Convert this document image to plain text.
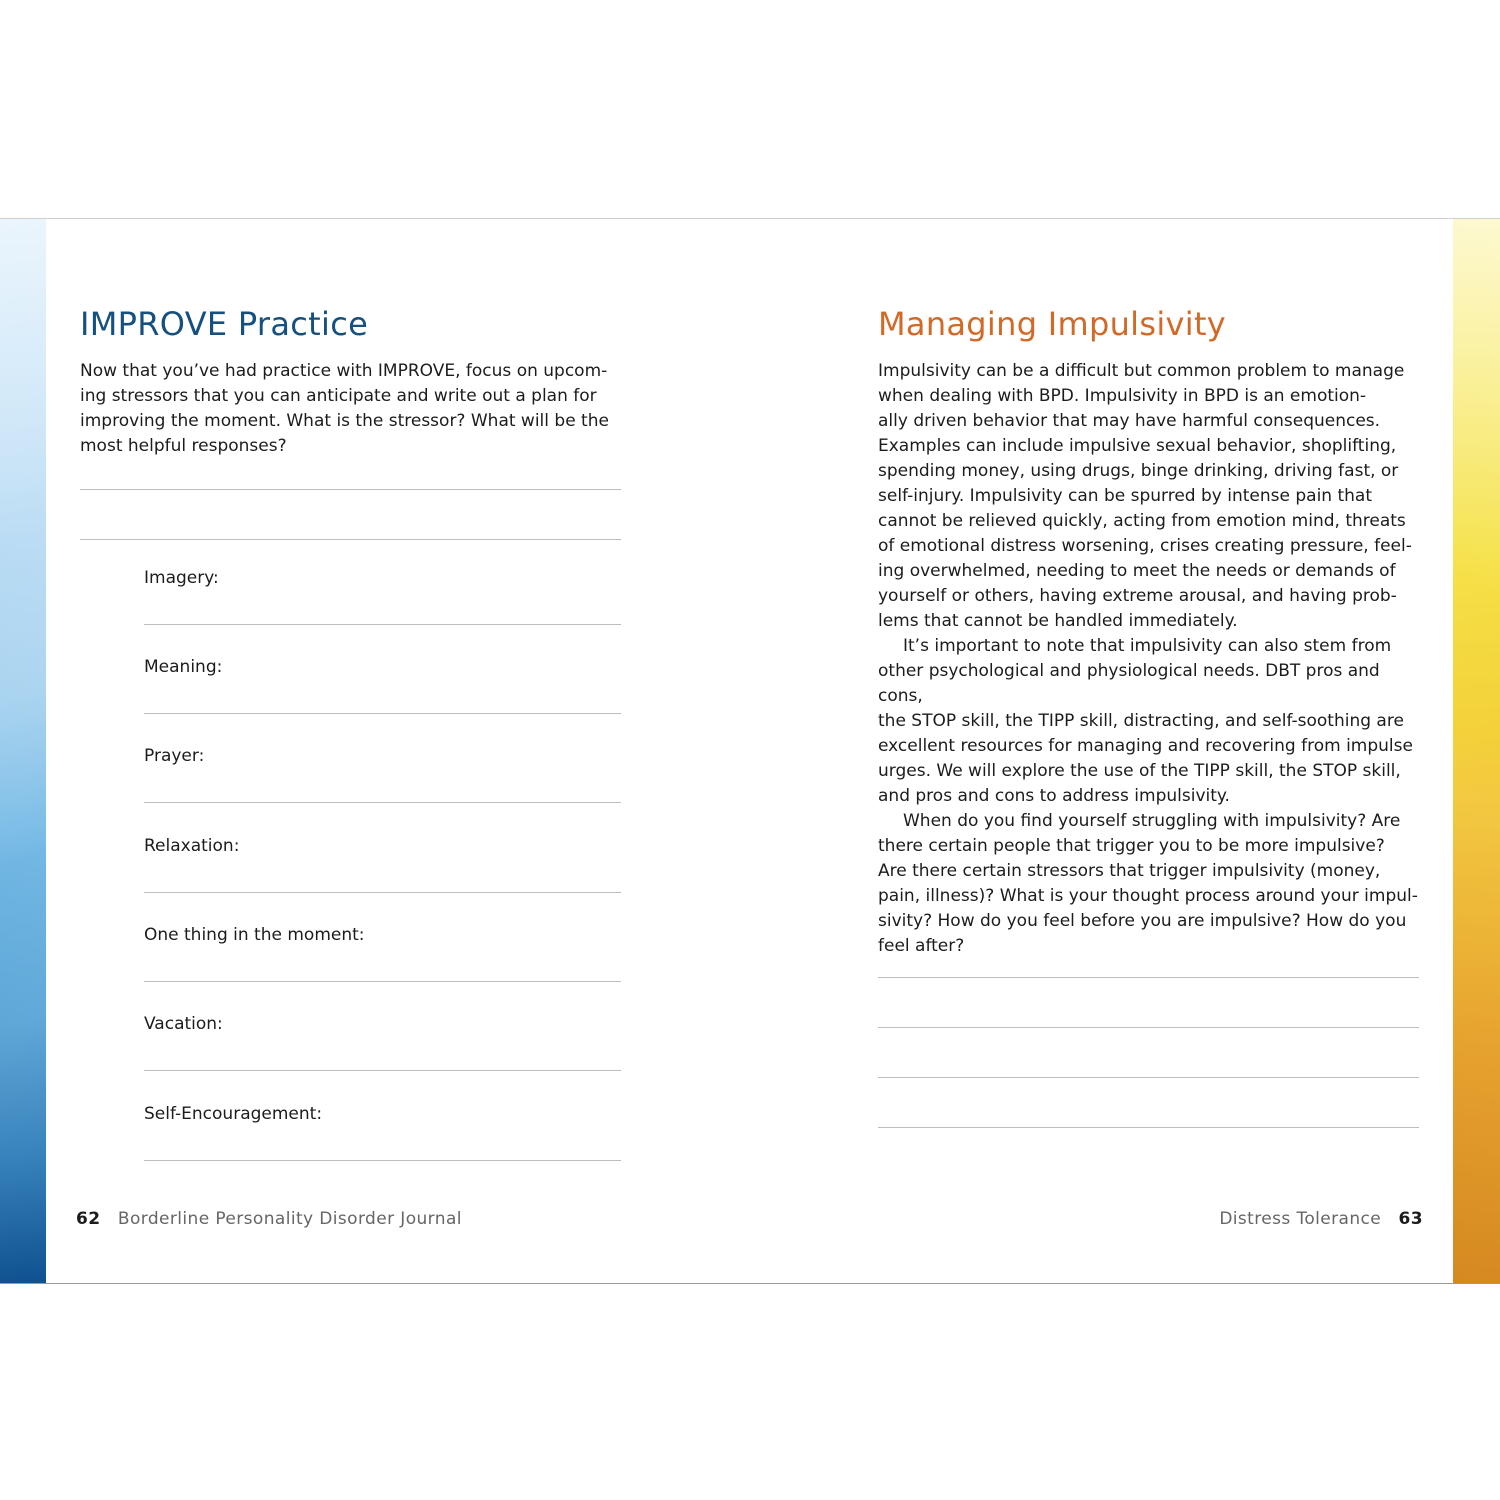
IMPROVE Practice

Now that you’ve had practice with IMPROVE, focus on upcom-
ing stressors that you can anticipate and write out a plan for
improving the moment. What is the stressor? What will be the
most helpful responses?

Imagery:
Meaning:
Prayer:
Relaxation:
One thing in the moment:
Vacation:
Self-Encouragement:
62 Borderline Personality Disorder Journal
Managing Impulsivity

Impulsivity can be a difficult but common problem to manage
when dealing with BPD. Impulsivity in BPD is an emotion-
ally driven behavior that may have harmful consequences.
Examples can include impulsive sexual behavior, shoplifting,
spending money, using drugs, binge drinking, driving fast, or
self-injury. Impulsivity can be spurred by intense pain that
cannot be relieved quickly, acting from emotion mind, threats
of emotional distress worsening, crises creating pressure, feel-
ing overwhelmed, needing to meet the needs or demands of
yourself or others, having extreme arousal, and having prob-
lems that cannot be handled immediately.

It’s important to note that impulsivity can also stem from
other psychological and physiological needs. DBT pros and cons,
the STOP skill, the TIPP skill, distracting, and self-soothing are
excellent resources for managing and recovering from impulse
urges. We will explore the use of the TIPP skill, the STOP skill,
and pros and cons to address impulsivity.

When do you find yourself struggling with impulsivity? Are
there certain people that trigger you to be more impulsive?
Are there certain stressors that trigger impulsivity (money,
pain, illness)? What is your thought process around your impul-
sivity? How do you feel before you are impulsive? How do you
feel after?

Distress Tolerance 63
